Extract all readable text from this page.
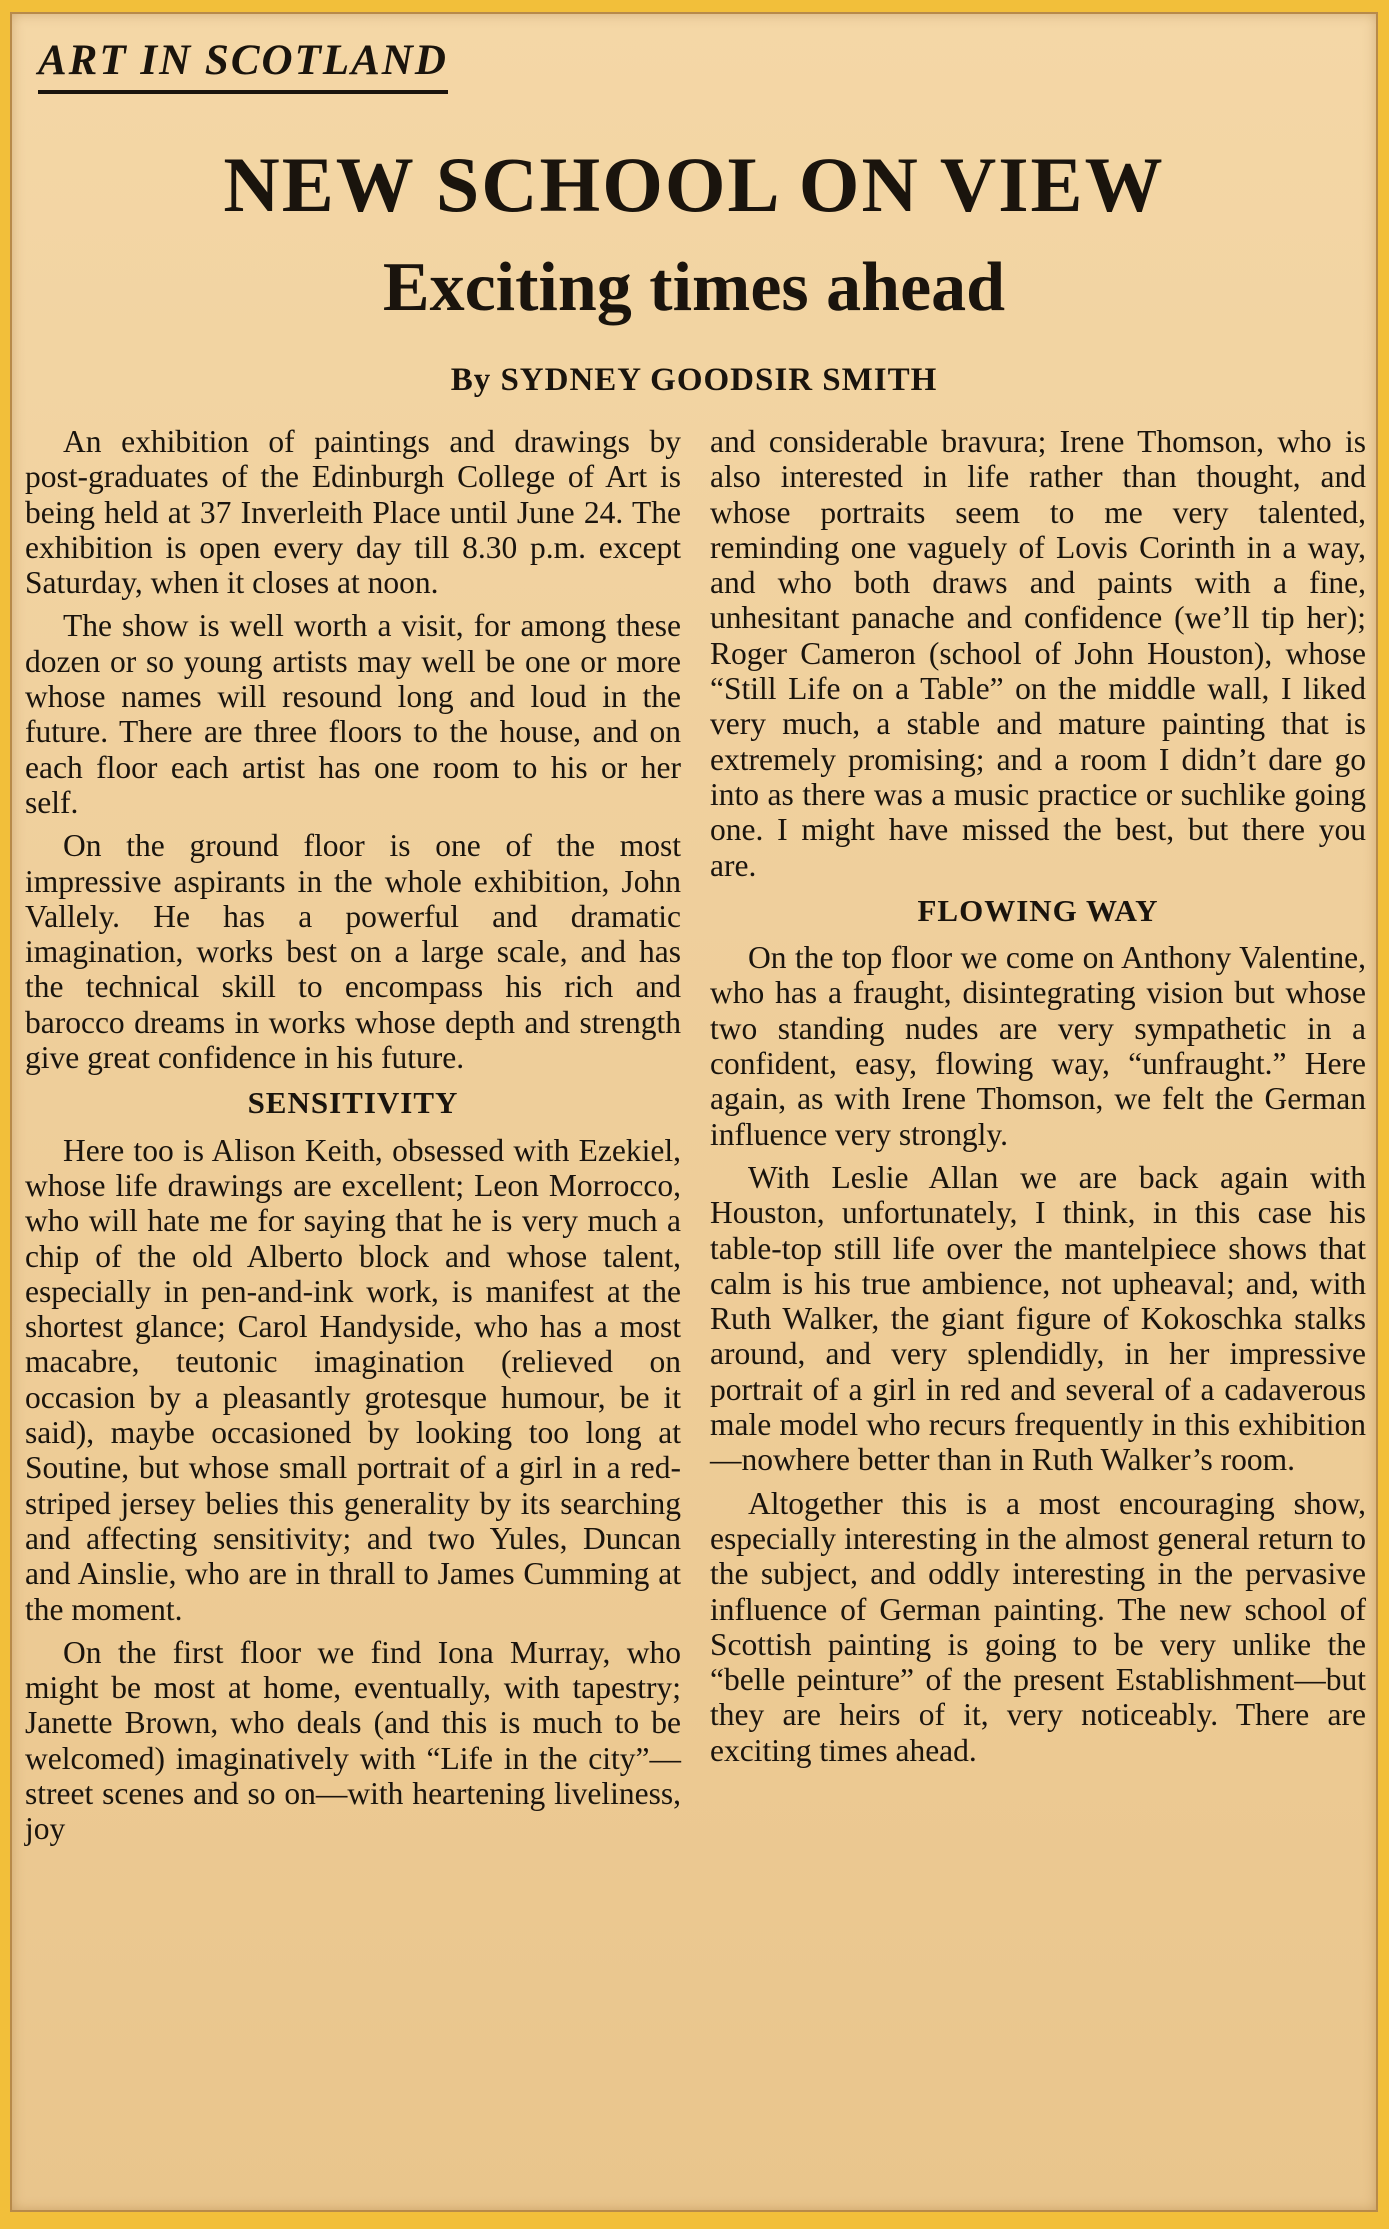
ART IN SCOTLAND
NEW SCHOOL ON VIEW
Exciting times ahead
By SYDNEY GOODSIR SMITH

An exhibition of paintings and drawings by post-graduates of the Edinburgh College of Art is being held at 37 Inverleith Place until June 24. The exhibition is open every day till 8.30 p.m. except Saturday, when it closes at noon.

The show is well worth a visit, for among these dozen or so young artists may well be one or more whose names will resound long and loud in the future. There are three floors to the house, and on each floor each artist has one room to his or her self.

On the ground floor is one of the most impressive aspirants in the whole exhibition, John Vallely. He has a powerful and dramatic imagination, works best on a large scale, and has the technical skill to encompass his rich and barocco dreams in works whose depth and strength give great confidence in his future.

SENSITIVITY

Here too is Alison Keith, obsessed with Ezekiel, whose life drawings are excellent; Leon Morrocco, who will hate me for saying that he is very much a chip of the old Alberto block and whose talent, especially in pen-and-ink work, is manifest at the shortest glance; Carol Handyside, who has a most macabre, teutonic imagination (relieved on occasion by a pleasantly grotesque humour, be it said), maybe occasioned by looking too long at Soutine, but whose small portrait of a girl in a red-striped jersey belies this generality by its searching and affecting sensitivity; and two Yules, Duncan and Ainslie, who are in thrall to James Cumming at the moment.

On the first floor we find Iona Murray, who might be most at home, eventually, with tapestry; Janette Brown, who deals (and this is much to be welcomed) imaginatively with “Life in the city”—street scenes and so on—with heartening liveliness, joy

and considerable bravura; Irene Thomson, who is also interested in life rather than thought, and whose portraits seem to me very talented, reminding one vaguely of Lovis Corinth in a way, and who both draws and paints with a fine, unhesitant panache and confidence (we’ll tip her); Roger Cameron (school of John Houston), whose “Still Life on a Table” on the middle wall, I liked very much, a stable and mature painting that is extremely promising; and a room I didn’t dare go into as there was a music practice or suchlike going one. I might have missed the best, but there you are.

FLOWING WAY

On the top floor we come on Anthony Valentine, who has a fraught, disintegrating vision but whose two standing nudes are very sympathetic in a confident, easy, flowing way, “unfraught.” Here again, as with Irene Thomson, we felt the German influence very strongly.

With Leslie Allan we are back again with Houston, unfortunately, I think, in this case his table-top still life over the mantelpiece shows that calm is his true ambience, not upheaval; and, with Ruth Walker, the giant figure of Kokoschka stalks around, and very splendidly, in her impressive portrait of a girl in red and several of a cadaverous male model who recurs frequently in this exhibition—nowhere better than in Ruth Walker’s room.

Altogether this is a most encouraging show, especially interesting in the almost general return to the subject, and oddly interesting in the pervasive influence of German painting. The new school of Scottish painting is going to be very unlike the “belle peinture” of the present Establishment—but they are heirs of it, very noticeably. There are exciting times ahead.
